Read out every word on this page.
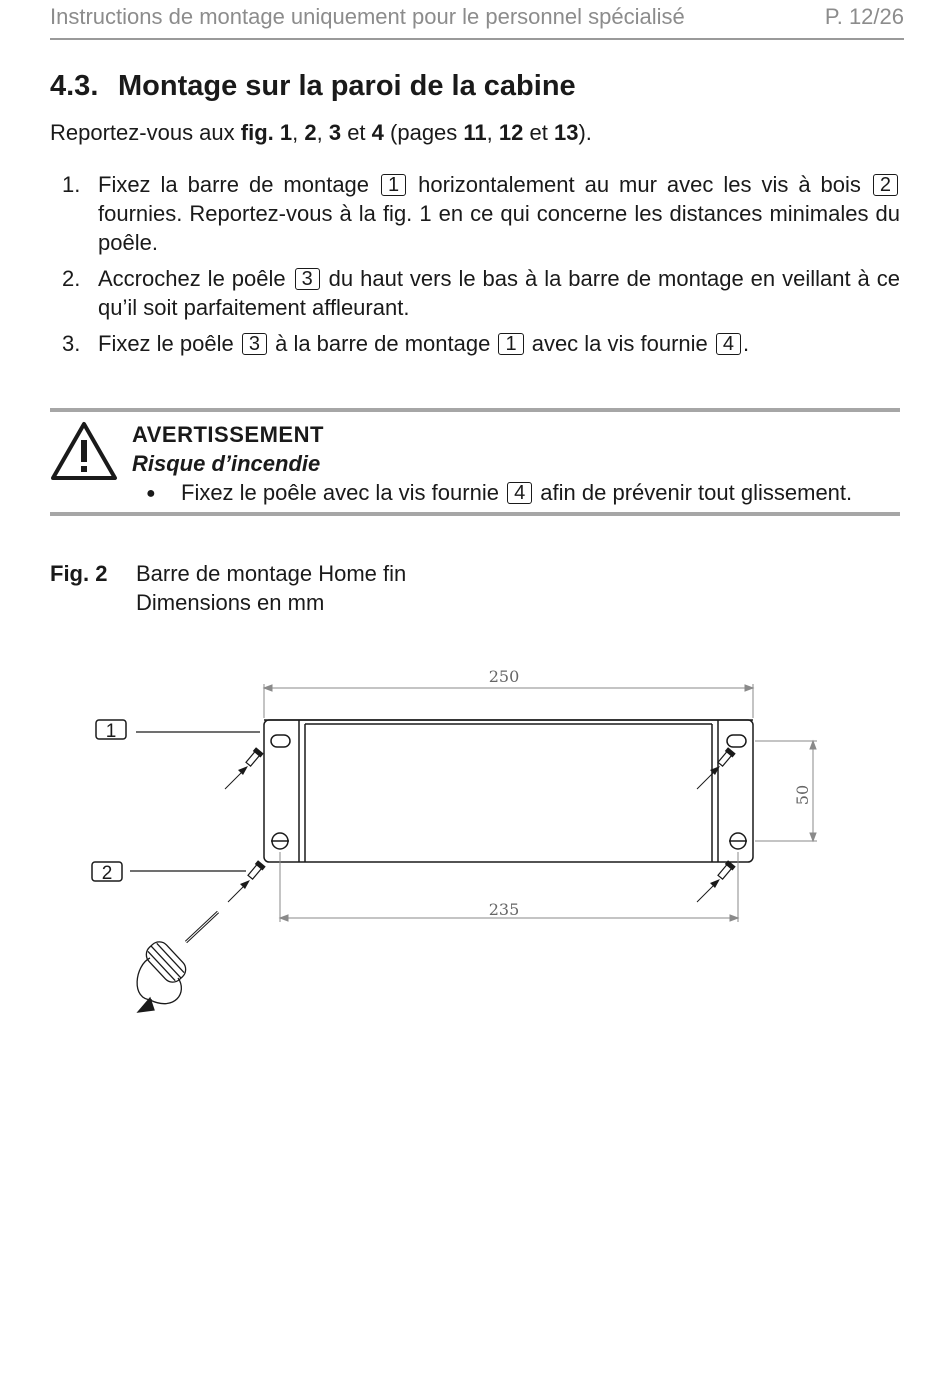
Instructions de montage uniquement pour le personnel spécialisé	P. 12/26
4.3. Montage sur la paroi de la cabine
Reportez-vous aux fig. 1, 2, 3 et 4 (pages 11, 12 et 13).
1. Fixez la barre de montage 1 horizontalement au mur avec les vis à bois 2 fournies. Reportez-vous à la fig. 1 en ce qui concerne les distances minimales du poêle.
2. Accrochez le poêle 3 du haut vers le bas à la barre de montage en veillant à ce qu’il soit parfaitement affleurant.
3. Fixez le poêle 3 à la barre de montage 1 avec la vis fournie 4 .
AVERTISSEMENT
Risque d’incendie
● Fixez le poêle avec la vis fournie 4 afin de prévenir tout glissement.
Fig. 2 Barre de montage Home fin
Dimensions en mm
250
50
235
1
2
